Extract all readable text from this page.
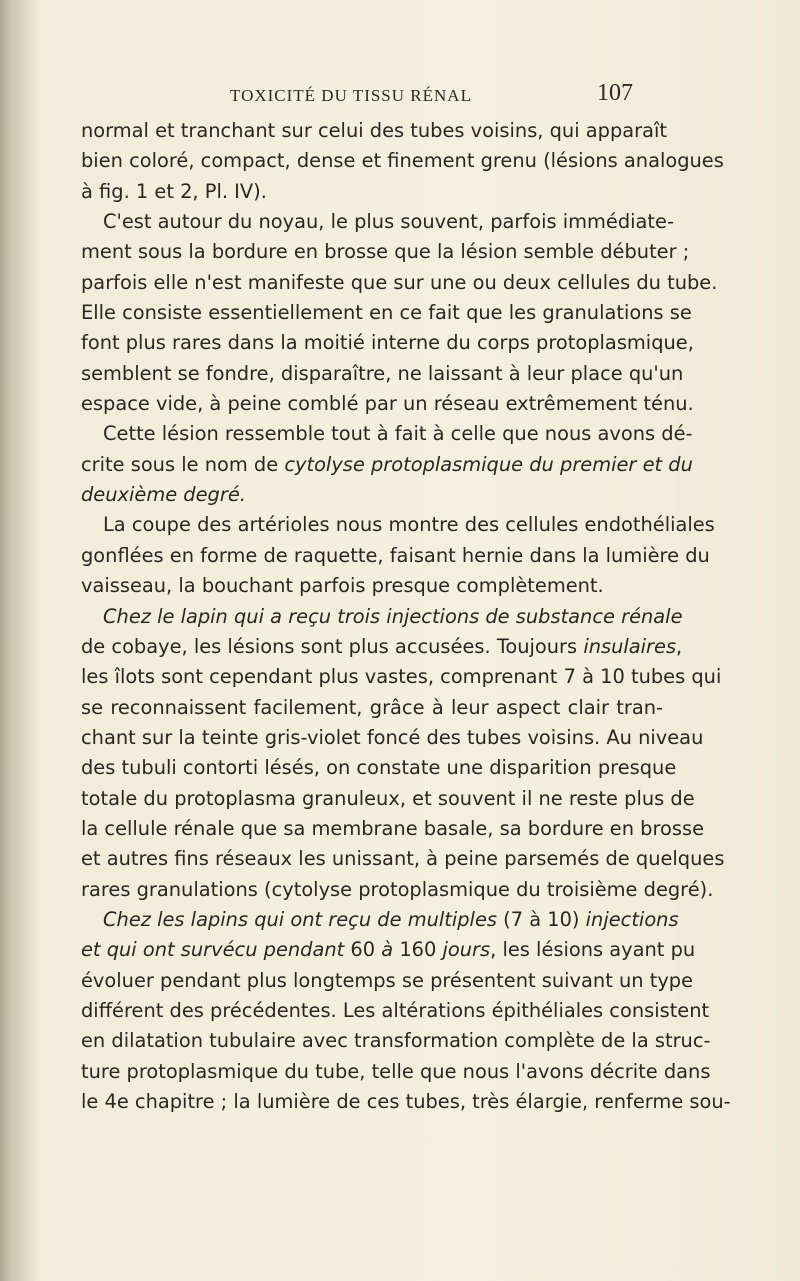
TOXICITÉ DU TISSU RÉNAL	107
normal et tranchant sur celui des tubes voisins, qui apparaît
bien coloré, compact, dense et finement grenu (lésions analogues
à fig. 1 et 2, Pl. IV).
C'est autour du noyau, le plus souvent, parfois immédiate-
ment sous la bordure en brosse que la lésion semble débuter ;
parfois elle n'est manifeste que sur une ou deux cellules du tube.
Elle consiste essentiellement en ce fait que les granulations se
font plus rares dans la moitié interne du corps protoplasmique,
semblent se fondre, disparaître, ne laissant à leur place qu'un
espace vide, à peine comblé par un réseau extrêmement ténu.
Cette lésion ressemble tout à fait à celle que nous avons dé-
crite sous le nom de cytolyse protoplasmique du premier et du
deuxième degré.
La coupe des artérioles nous montre des cellules endothéliales
gonflées en forme de raquette, faisant hernie dans la lumière du
vaisseau, la bouchant parfois presque complètement.
Chez le lapin qui a reçu trois injections de substance rénale
de cobaye, les lésions sont plus accusées. Toujours insulaires,
les îlots sont cependant plus vastes, comprenant 7 à 10 tubes qui
se reconnaissent facilement, grâce à leur aspect clair tran-
chant sur la teinte gris-violet foncé des tubes voisins. Au niveau
des tubuli contorti lésés, on constate une disparition presque
totale du protoplasma granuleux, et souvent il ne reste plus de
la cellule rénale que sa membrane basale, sa bordure en brosse
et autres fins réseaux les unissant, à peine parsemés de quelques
rares granulations (cytolyse protoplasmique du troisième degré).
Chez les lapins qui ont reçu de multiples (7 à 10) injections
et qui ont survécu pendant 60 à 160 jours, les lésions ayant pu
évoluer pendant plus longtemps se présentent suivant un type
différent des précédentes. Les altérations épithéliales consistent
en dilatation tubulaire avec transformation complète de la struc-
ture protoplasmique du tube, telle que nous l'avons décrite dans
le 4e chapitre ; la lumière de ces tubes, très élargie, renferme sou-
